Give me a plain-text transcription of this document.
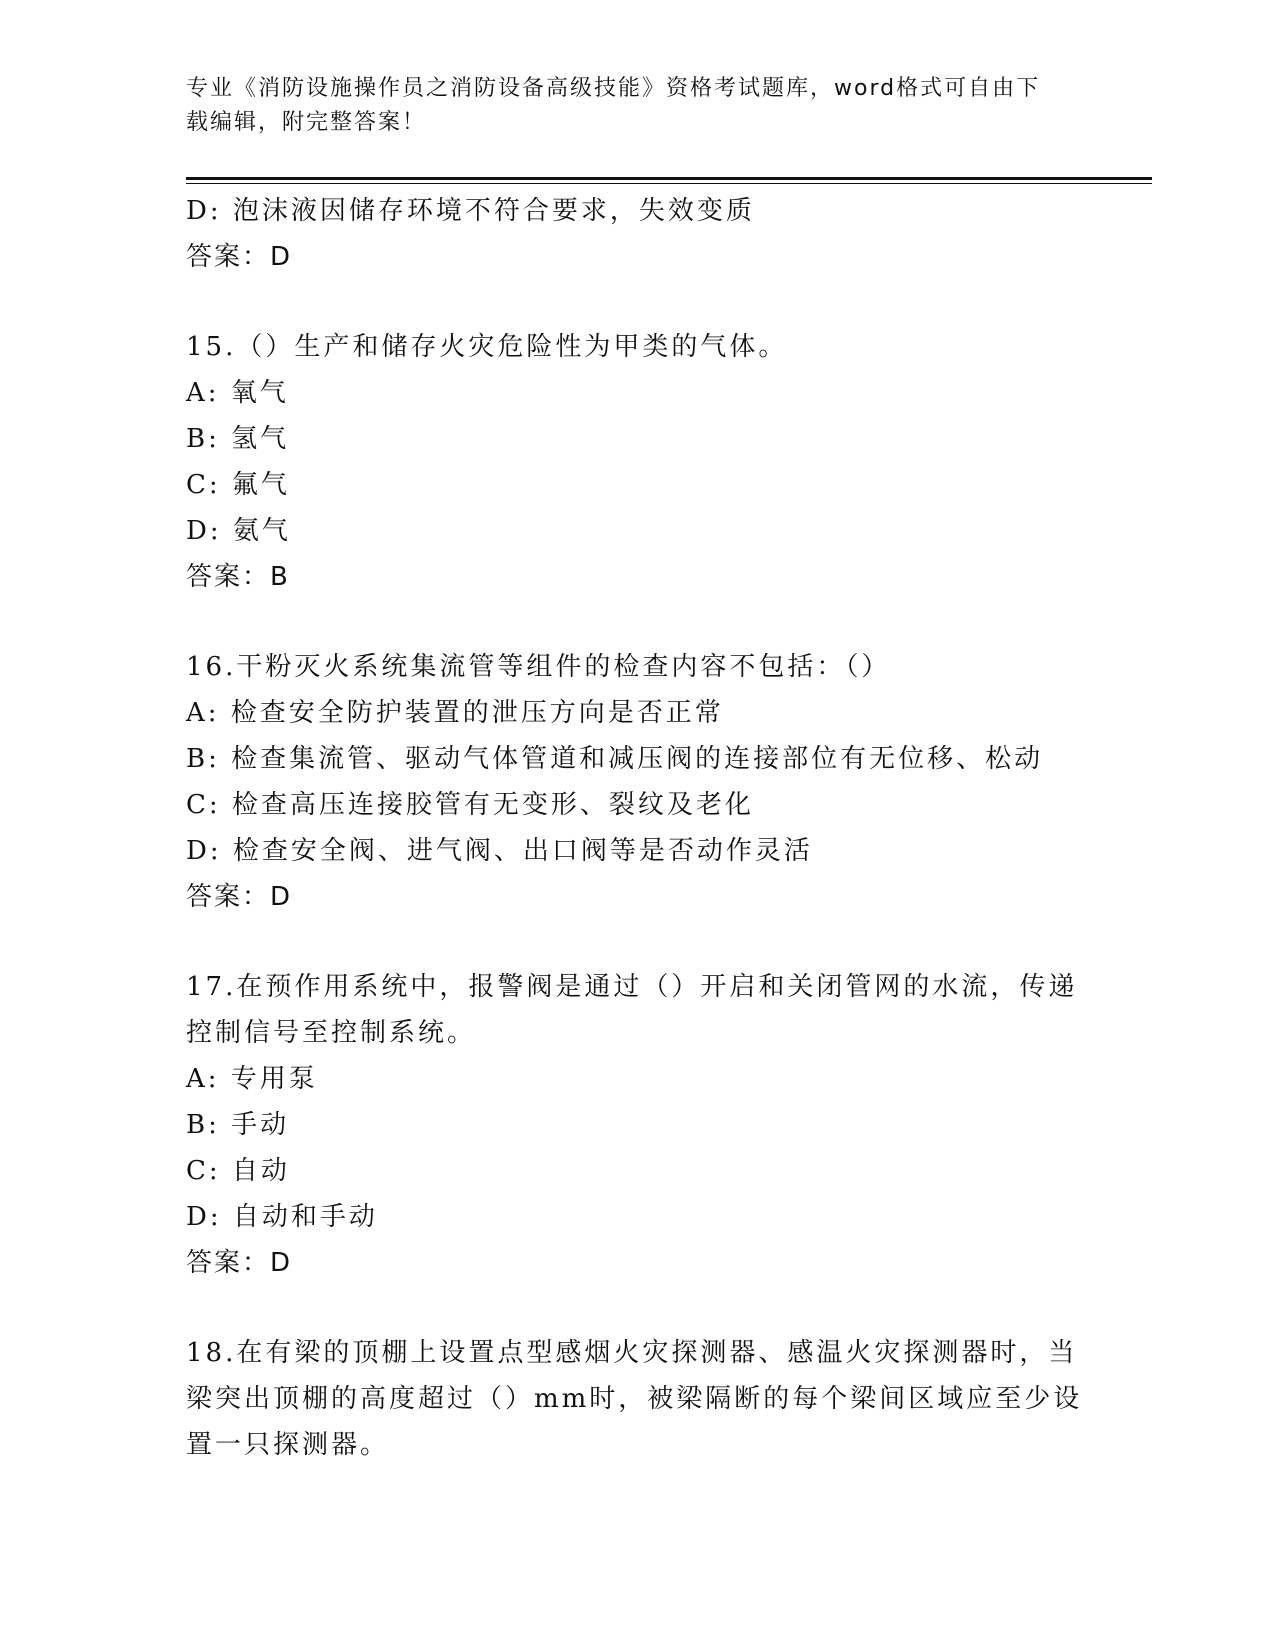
专业《消防设施操作员之消防设备高级技能》资格考试题库，word格式可自由下
载编辑，附完整答案！
D: 泡沫液因储存环境不符合要求，失效变质
答案：D
15.（）生产和储存火灾危险性为甲类的气体。
A: 氧气
B: 氢气
C: 氟气
D: 氨气
答案：B
16.干粉灭火系统集流管等组件的检查内容不包括：（）
A: 检查安全防护装置的泄压方向是否正常
B: 检查集流管、驱动气体管道和减压阀的连接部位有无位移、松动
C: 检查高压连接胶管有无变形、裂纹及老化
D: 检查安全阀、进气阀、出口阀等是否动作灵活
答案：D
17.在预作用系统中，报警阀是通过（）开启和关闭管网的水流，传递
控制信号至控制系统。
A: 专用泵
B: 手动
C: 自动
D: 自动和手动
答案：D
18.在有梁的顶棚上设置点型感烟火灾探测器、感温火灾探测器时，当
梁突出顶棚的高度超过（）mm时，被梁隔断的每个梁间区域应至少设
置一只探测器。
